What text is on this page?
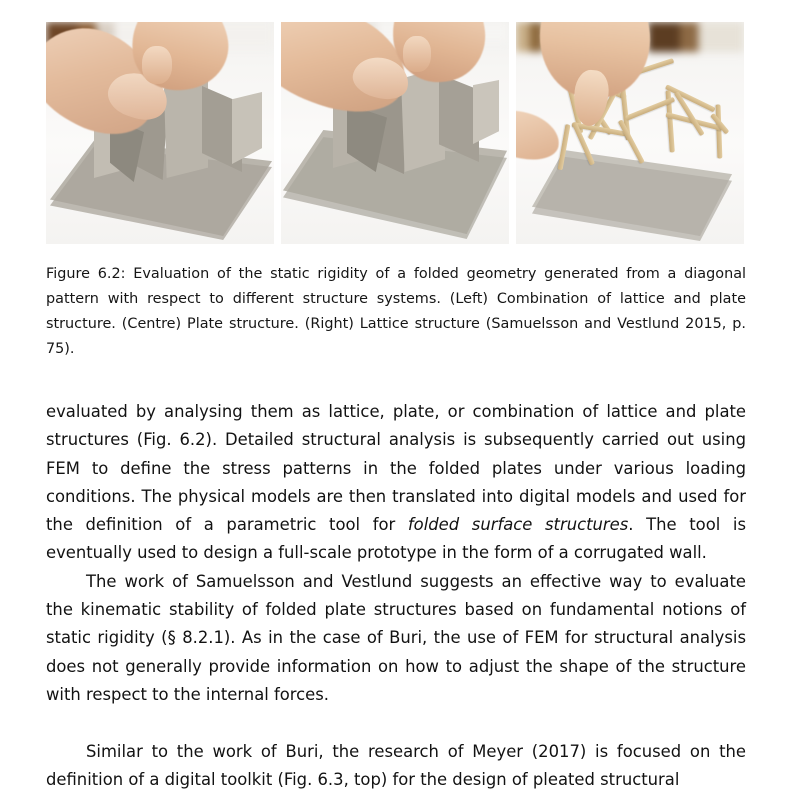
Figure 6.2: Evaluation of the static rigidity of a folded geometry generated from a diagonal pattern with respect to different structure systems. (Left) Combination of lattice and plate structure. (Centre) Plate structure. (Right) Lattice structure (Samuelsson and Vestlund 2015, p. 75).

evaluated by analysing them as lattice, plate, or combination of lattice and plate structures (Fig. 6.2). Detailed structural analysis is subsequently carried out using FEM to define the stress patterns in the folded plates under various loading conditions. The physical models are then translated into digital models and used for the definition of a parametric tool for folded surface structures. The tool is eventually used to design a full-scale prototype in the form of a corrugated wall.

The work of Samuelsson and Vestlund suggests an effective way to evaluate the kinematic stability of folded plate structures based on fundamental notions of static rigidity (§ 8.2.1). As in the case of Buri, the use of FEM for structural analysis does not generally provide information on how to adjust the shape of the structure with respect to the internal forces.

Similar to the work of Buri, the research of Meyer (2017) is focused on the definition of a digital toolkit (Fig. 6.3, top) for the design of pleated structural
